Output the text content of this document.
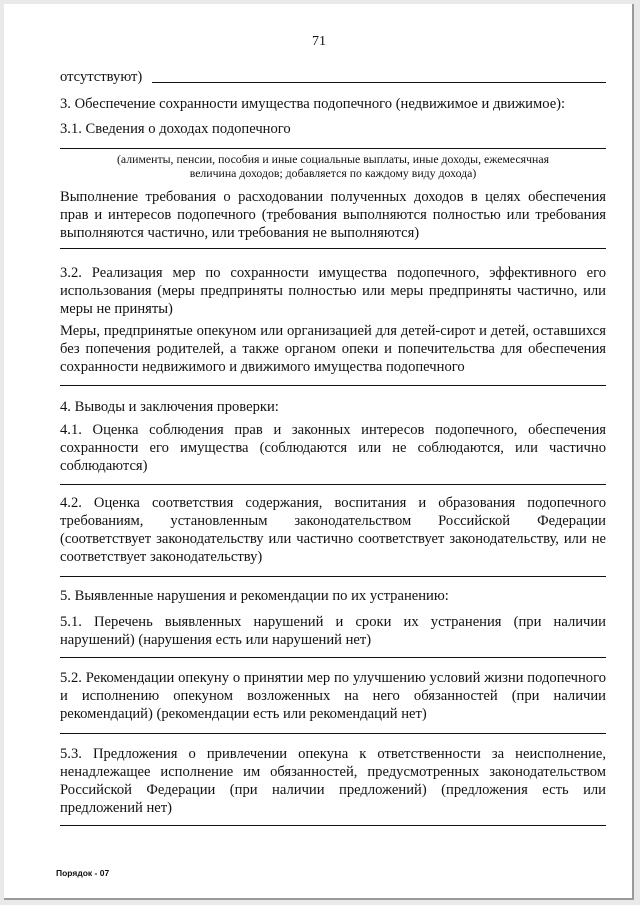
71
отсутствуют)
3. Обеспечение сохранности имущества подопечного (недвижимое и движимое):
3.1. Сведения о доходах подопечного
(алименты, пенсии, пособия и иные социальные выплаты, иные доходы, ежемесячная
величина доходов; добавляется по каждому виду дохода)
Выполнение требования о расходовании полученных доходов в целях обеспечения прав и интересов подопечного (требования выполняются полностью или требования выполняются частично, или требования не выполняются)
3.2. Реализация мер по сохранности имущества подопечного, эффективного его использования (меры предприняты полностью или меры предприняты частично, или меры не приняты)
Меры, предпринятые опекуном или организацией для детей-сирот и детей, оставшихся без попечения родителей, а также органом опеки и попечительства для обеспечения сохранности недвижимого и движимого имущества подопечного
4. Выводы и заключения проверки:
4.1. Оценка соблюдения прав и законных интересов подопечного, обеспечения сохранности его имущества (соблюдаются или не соблюдаются, или частично соблюдаются)
4.2. Оценка соответствия содержания, воспитания и образования подопечного требованиям, установленным законодательством Российской Федерации (соответствует законодательству или частично соответствует законодательству, или не соответствует законодательству)
5. Выявленные нарушения и рекомендации по их устранению:
5.1. Перечень выявленных нарушений и сроки их устранения (при наличии нарушений) (нарушения есть или нарушений нет)
5.2. Рекомендации опекуну о принятии мер по улучшению условий жизни подопечного и исполнению опекуном возложенных на него обязанностей (при наличии рекомендаций) (рекомендации есть или рекомендаций нет)
5.3. Предложения о привлечении опекуна к ответственности за неисполнение, ненадлежащее исполнение им обязанностей, предусмотренных законодательством Российской Федерации (при наличии предложений) (предложения есть или предложений нет)
Порядок - 07
